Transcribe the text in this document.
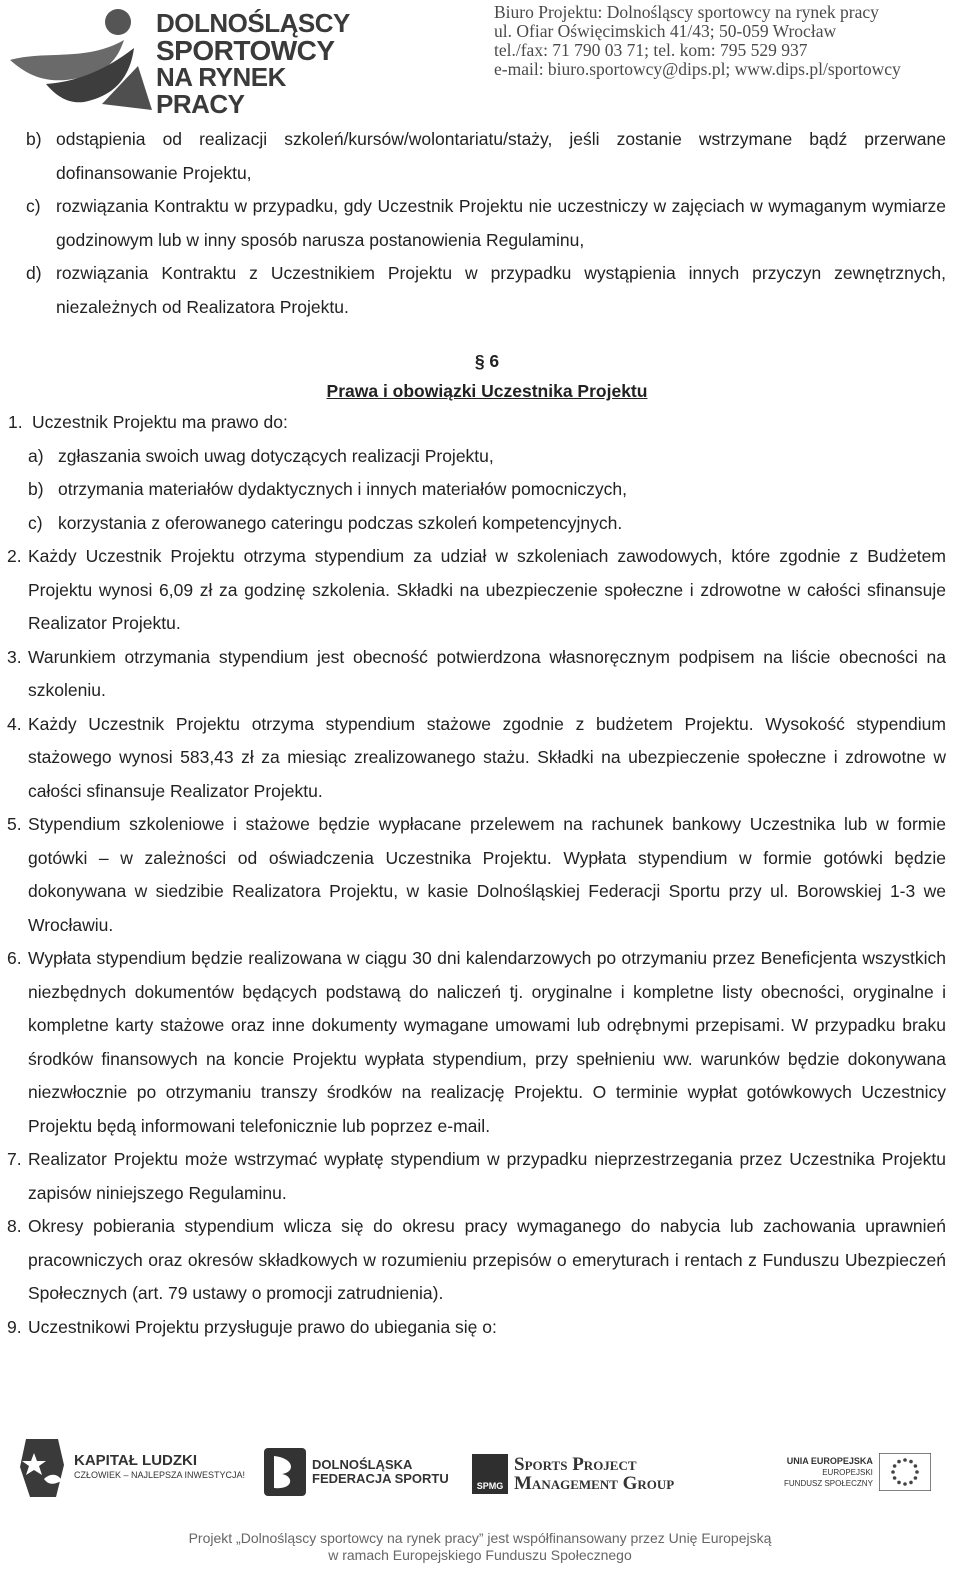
DOLNOŚLĄSCY
SPORTOWCY
NA RYNEK PRACY
Biuro Projektu: Dolnośląscy sportowcy na rynek pracy
ul. Ofiar Oświęcimskich 41/43; 50-059 Wrocław
tel./fax: 71 790 03 71; tel. kom: 795 529 937
e-mail: biuro.sportowcy@dips.pl; www.dips.pl/sportowcy
b) odstąpienia od realizacji szkoleń/kursów/wolontariatu/staży, jeśli zostanie wstrzymane bądź przerwane dofinansowanie Projektu,
c) rozwiązania Kontraktu w przypadku, gdy Uczestnik Projektu nie uczestniczy w zajęciach w wymaganym wymiarze godzinowym lub w inny sposób narusza postanowienia Regulaminu,
d) rozwiązania Kontraktu z Uczestnikiem Projektu w przypadku wystąpienia innych przyczyn zewnętrznych, niezależnych od Realizatora Projektu.
§ 6
Prawa i obowiązki Uczestnika Projektu
1. Uczestnik Projektu ma prawo do:
a) zgłaszania swoich uwag dotyczących realizacji Projektu,
b) otrzymania materiałów dydaktycznych i innych materiałów pomocniczych,
c) korzystania z oferowanego cateringu podczas szkoleń kompetencyjnych.
2. Każdy Uczestnik Projektu otrzyma stypendium za udział w szkoleniach zawodowych, które zgodnie z Budżetem Projektu wynosi 6,09 zł za godzinę szkolenia. Składki na ubezpieczenie społeczne i zdrowotne w całości sfinansuje Realizator Projektu.
3. Warunkiem otrzymania stypendium jest obecność potwierdzona własnoręcznym podpisem na liście obecności na szkoleniu.
4. Każdy Uczestnik Projektu otrzyma stypendium stażowe zgodnie z budżetem Projektu. Wysokość stypendium stażowego wynosi 583,43 zł za miesiąc zrealizowanego stażu. Składki na ubezpieczenie społeczne i zdrowotne w całości sfinansuje Realizator Projektu.
5. Stypendium szkoleniowe i stażowe będzie wypłacane przelewem na rachunek bankowy Uczestnika lub w formie gotówki – w zależności od oświadczenia Uczestnika Projektu. Wypłata stypendium w formie gotówki będzie dokonywana w siedzibie Realizatora Projektu, w kasie Dolnośląskiej Federacji Sportu przy ul. Borowskiej 1-3 we Wrocławiu.
6. Wypłata stypendium będzie realizowana w ciągu 30 dni kalendarzowych po otrzymaniu przez Beneficjenta wszystkich niezbędnych dokumentów będących podstawą do naliczeń tj. oryginalne i kompletne listy obecności, oryginalne i kompletne karty stażowe oraz inne dokumenty wymagane umowami lub odrębnymi przepisami. W przypadku braku środków finansowych na koncie Projektu wypłata stypendium, przy spełnieniu ww. warunków będzie dokonywana niezwłocznie po otrzymaniu transzy środków na realizację Projektu. O terminie wypłat gotówkowych Uczestnicy Projektu będą informowani telefonicznie lub poprzez e-mail.
7. Realizator Projektu może wstrzymać wypłatę stypendium w przypadku nieprzestrzegania przez Uczestnika Projektu zapisów niniejszego Regulaminu.
8. Okresy pobierania stypendium wlicza się do okresu pracy wymaganego do nabycia lub zachowania uprawnień pracowniczych oraz okresów składkowych w rozumieniu przepisów o emeryturach i rentach z Funduszu Ubezpieczeń Społecznych (art. 79 ustawy o promocji zatrudnienia).
9. Uczestnikowi Projektu przysługuje prawo do ubiegania się o:
KAPITAŁ LUDZKI
CZŁOWIEK – NAJLEPSZA INWESTYCJA!
DOLNOŚLĄSKA
FEDERACJA SPORTU	SPMG
Sports Project
Management Group
UNIA EUROPEJSKA
EUROPEJSKI
FUNDUSZ SPOŁECZNY
Projekt „Dolnośląscy sportowcy na rynek pracy” jest współfinansowany przez Unię Europejską
w ramach Europejskiego Funduszu Społecznego
